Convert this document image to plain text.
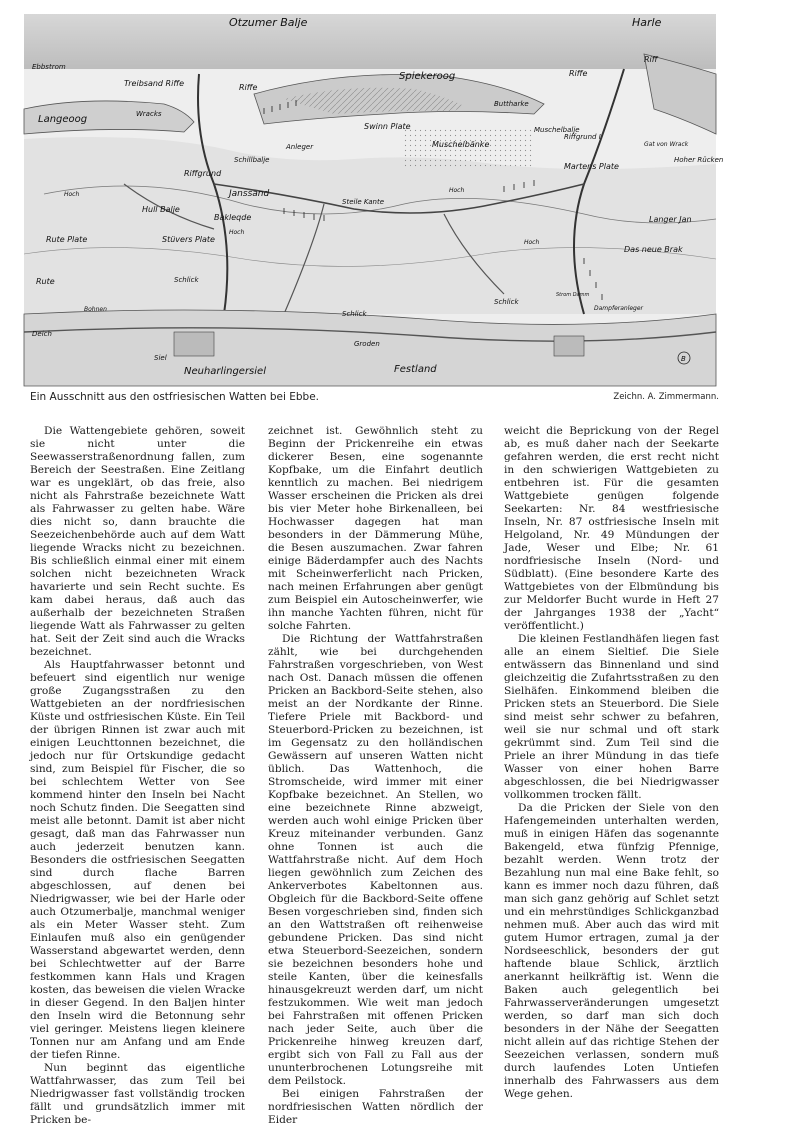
Otzumer Balje	Harle
Ebbstrom
Treibsand Riffe	Riffe
Riff
Riffe
Spiekeroog
Langeoog	Wracks
Buttharke
Swinn Plate	Muschelbalje
Anleger
Schillbalje
Muschelbänke
Riffgrund I
Gat von Wrack
Riffgrund
Martens Plate
Hoher Rücken
Hoch
Hoch
Hoch
Hoch
Janssand
Steile Kante
Hull Balje
Bakleqde	Langer Jan
Rute Plate	Stüvers Plate
Das neue Brak
Rute
Bohnen
Schlick
Schlick
Schlick
Dampferanleger
Strom Damm
Deich
Groden
Siel
Neuharlingersiel	Festland
B
Ein Ausschnitt aus den ostfriesischen Watten bei Ebbe.	Zeichn. A. Zimmermann.

Die Wattengebiete gehören, soweit sie nicht unter die Seewasserstraßenordnung fallen, zum Bereich der Seestraßen. Eine Zeitlang war es ungeklärt, ob das freie, also nicht als Fahrstraße bezeichnete Watt als Fahrwasser zu gelten habe. Wäre dies nicht so, dann brauchte die Seezeichenbehörde auch auf dem Watt liegende Wracks nicht zu bezeichnen. Bis schließlich einmal einer mit einem solchen nicht bezeichneten Wrack havarierte und sein Recht suchte. Es kam dabei heraus, daß auch das außerhalb der bezeichneten Straßen liegende Watt als Fahrwasser zu gelten hat. Seit der Zeit sind auch die Wracks bezeichnet.

Als Hauptfahrwasser betonnt und befeuert sind eigentlich nur wenige große Zugangsstraßen zu den Wattgebieten an der nordfriesischen Küste und ostfriesischen Küste. Ein Teil der übrigen Rinnen ist zwar auch mit einigen Leuchttonnen bezeichnet, die jedoch nur für Ortskundige gedacht sind, zum Beispiel für Fischer, die so bei schlechtem Wetter von See kommend hinter den Inseln bei Nacht noch Schutz finden. Die Seegatten sind meist alle betonnt. Damit ist aber nicht gesagt, daß man das Fahrwasser nun auch jederzeit benutzen kann. Besonders die ostfriesischen Seegatten sind durch flache Barren abgeschlossen, auf denen bei Niedrigwasser, wie bei der Harle oder auch Otzumerbalje, manchmal weniger als ein Meter Wasser steht. Zum Einlaufen muß also ein genügender Wasserstand abgewartet werden, denn bei Schlechtwetter auf der Barre festkommen kann Hals und Kragen kosten, das beweisen die vielen Wracke in dieser Gegend. In den Baljen hinter den Inseln wird die Betonnung sehr viel geringer. Meistens liegen kleinere Tonnen nur am Anfang und am Ende der tiefen Rinne.

Nun beginnt das eigentliche Wattfahrwasser, das zum Teil bei Niedrigwasser fast vollständig trocken fällt und grundsätzlich immer mit Pricken be-

zeichnet ist. Gewöhnlich steht zu Beginn der Prickenreihe ein etwas dickerer Besen, eine sogenannte Kopfbake, um die Einfahrt deutlich kenntlich zu machen. Bei niedrigem Wasser erscheinen die Pricken als drei bis vier Meter hohe Birkenalleen, bei Hochwasser dagegen hat man besonders in der Dämmerung Mühe, die Besen auszumachen. Zwar fahren einige Bäderdampfer auch des Nachts mit Scheinwerferlicht nach Pricken, nach meinen Erfahrungen aber genügt zum Beispiel ein Autoscheinwerfer, wie ihn manche Yachten führen, nicht für solche Fahrten.

Die Richtung der Wattfahrstraßen zählt, wie bei durchgehenden Fahrstraßen vorgeschrieben, von West nach Ost. Danach müssen die offenen Pricken an Backbord-Seite stehen, also meist an der Nordkante der Rinne. Tiefere Priele mit Backbord- und Steuerbord-Pricken zu bezeichnen, ist im Gegensatz zu den holländischen Gewässern auf unseren Watten nicht üblich. Das Wattenhoch, die Stromscheide, wird immer mit einer Kopfbake bezeichnet. An Stellen, wo eine bezeichnete Rinne abzweigt, werden auch wohl einige Pricken über Kreuz miteinander verbunden. Ganz ohne Tonnen ist auch die Wattfahrstraße nicht. Auf dem Hoch liegen gewöhnlich zum Zeichen des Ankerverbotes Kabeltonnen aus. Obgleich für die Backbord-Seite offene Besen vorgeschrieben sind, finden sich an den Wattstraßen oft reihenweise gebundene Pricken. Das sind nicht etwa Steuerbord-Seezeichen, sondern sie bezeichnen besonders hohe und steile Kanten, über die keinesfalls hinausgekreuzt werden darf, um nicht festzukommen. Wie weit man jedoch bei Fahrstraßen mit offenen Pricken nach jeder Seite, auch über die Prickenreihe hinweg kreuzen darf, ergibt sich von Fall zu Fall aus der ununterbrochenen Lotungsreihe mit dem Peilstock.

Bei einigen Fahrstraßen der nordfriesischen Watten nördlich der Eider

weicht die Beprickung von der Regel ab, es muß daher nach der Seekarte gefahren werden, die erst recht nicht in den schwierigen Wattgebieten zu entbehren ist. Für die gesamten Wattgebiete genügen folgende Seekarten: Nr. 84 westfriesische Inseln, Nr. 87 ostfriesische Inseln mit Helgoland, Nr. 49 Mündungen der Jade, Weser und Elbe; Nr. 61 nordfriesische Inseln (Nord- und Südblatt). (Eine besondere Karte des Wattgebietes von der Elbmündung bis zur Meldorfer Bucht wurde in Heft 27 der Jahrganges 1938 der „Yacht“ veröffentlicht.)

Die kleinen Festlandhäfen liegen fast alle an einem Sieltief. Die Siele entwässern das Binnenland und sind gleichzeitig die Zufahrtsstraßen zu den Sielhäfen. Einkommend bleiben die Pricken stets an Steuerbord. Die Siele sind meist sehr schwer zu befahren, weil sie nur schmal und oft stark gekrümmt sind. Zum Teil sind die Priele an ihrer Mündung in das tiefe Wasser von einer hohen Barre abgeschlossen, die bei Niedrigwasser vollkommen trocken fällt.

Da die Pricken der Siele von den Hafengemeinden unterhalten werden, muß in einigen Häfen das sogenannte Bakengeld, etwa fünfzig Pfennige, bezahlt werden. Wenn trotz der Bezahlung nun mal eine Bake fehlt, so kann es immer noch dazu führen, daß man sich ganz gehörig auf Schlet setzt und ein mehrstündiges Schlickganzbad nehmen muß. Aber auch das wird mit gutem Humor ertragen, zumal ja der Nordseeschlick, besonders der gut haftende blaue Schlick, ärztlich anerkannt heilkräftig ist. Wenn die Baken auch gelegentlich bei Fahrwasserveränderungen umgesetzt werden, so darf man sich doch besonders in der Nähe der Seegatten nicht allein auf das richtige Stehen der Seezeichen verlassen, sondern muß durch laufendes Loten Untiefen innerhalb des Fahrwassers aus dem Wege gehen.
